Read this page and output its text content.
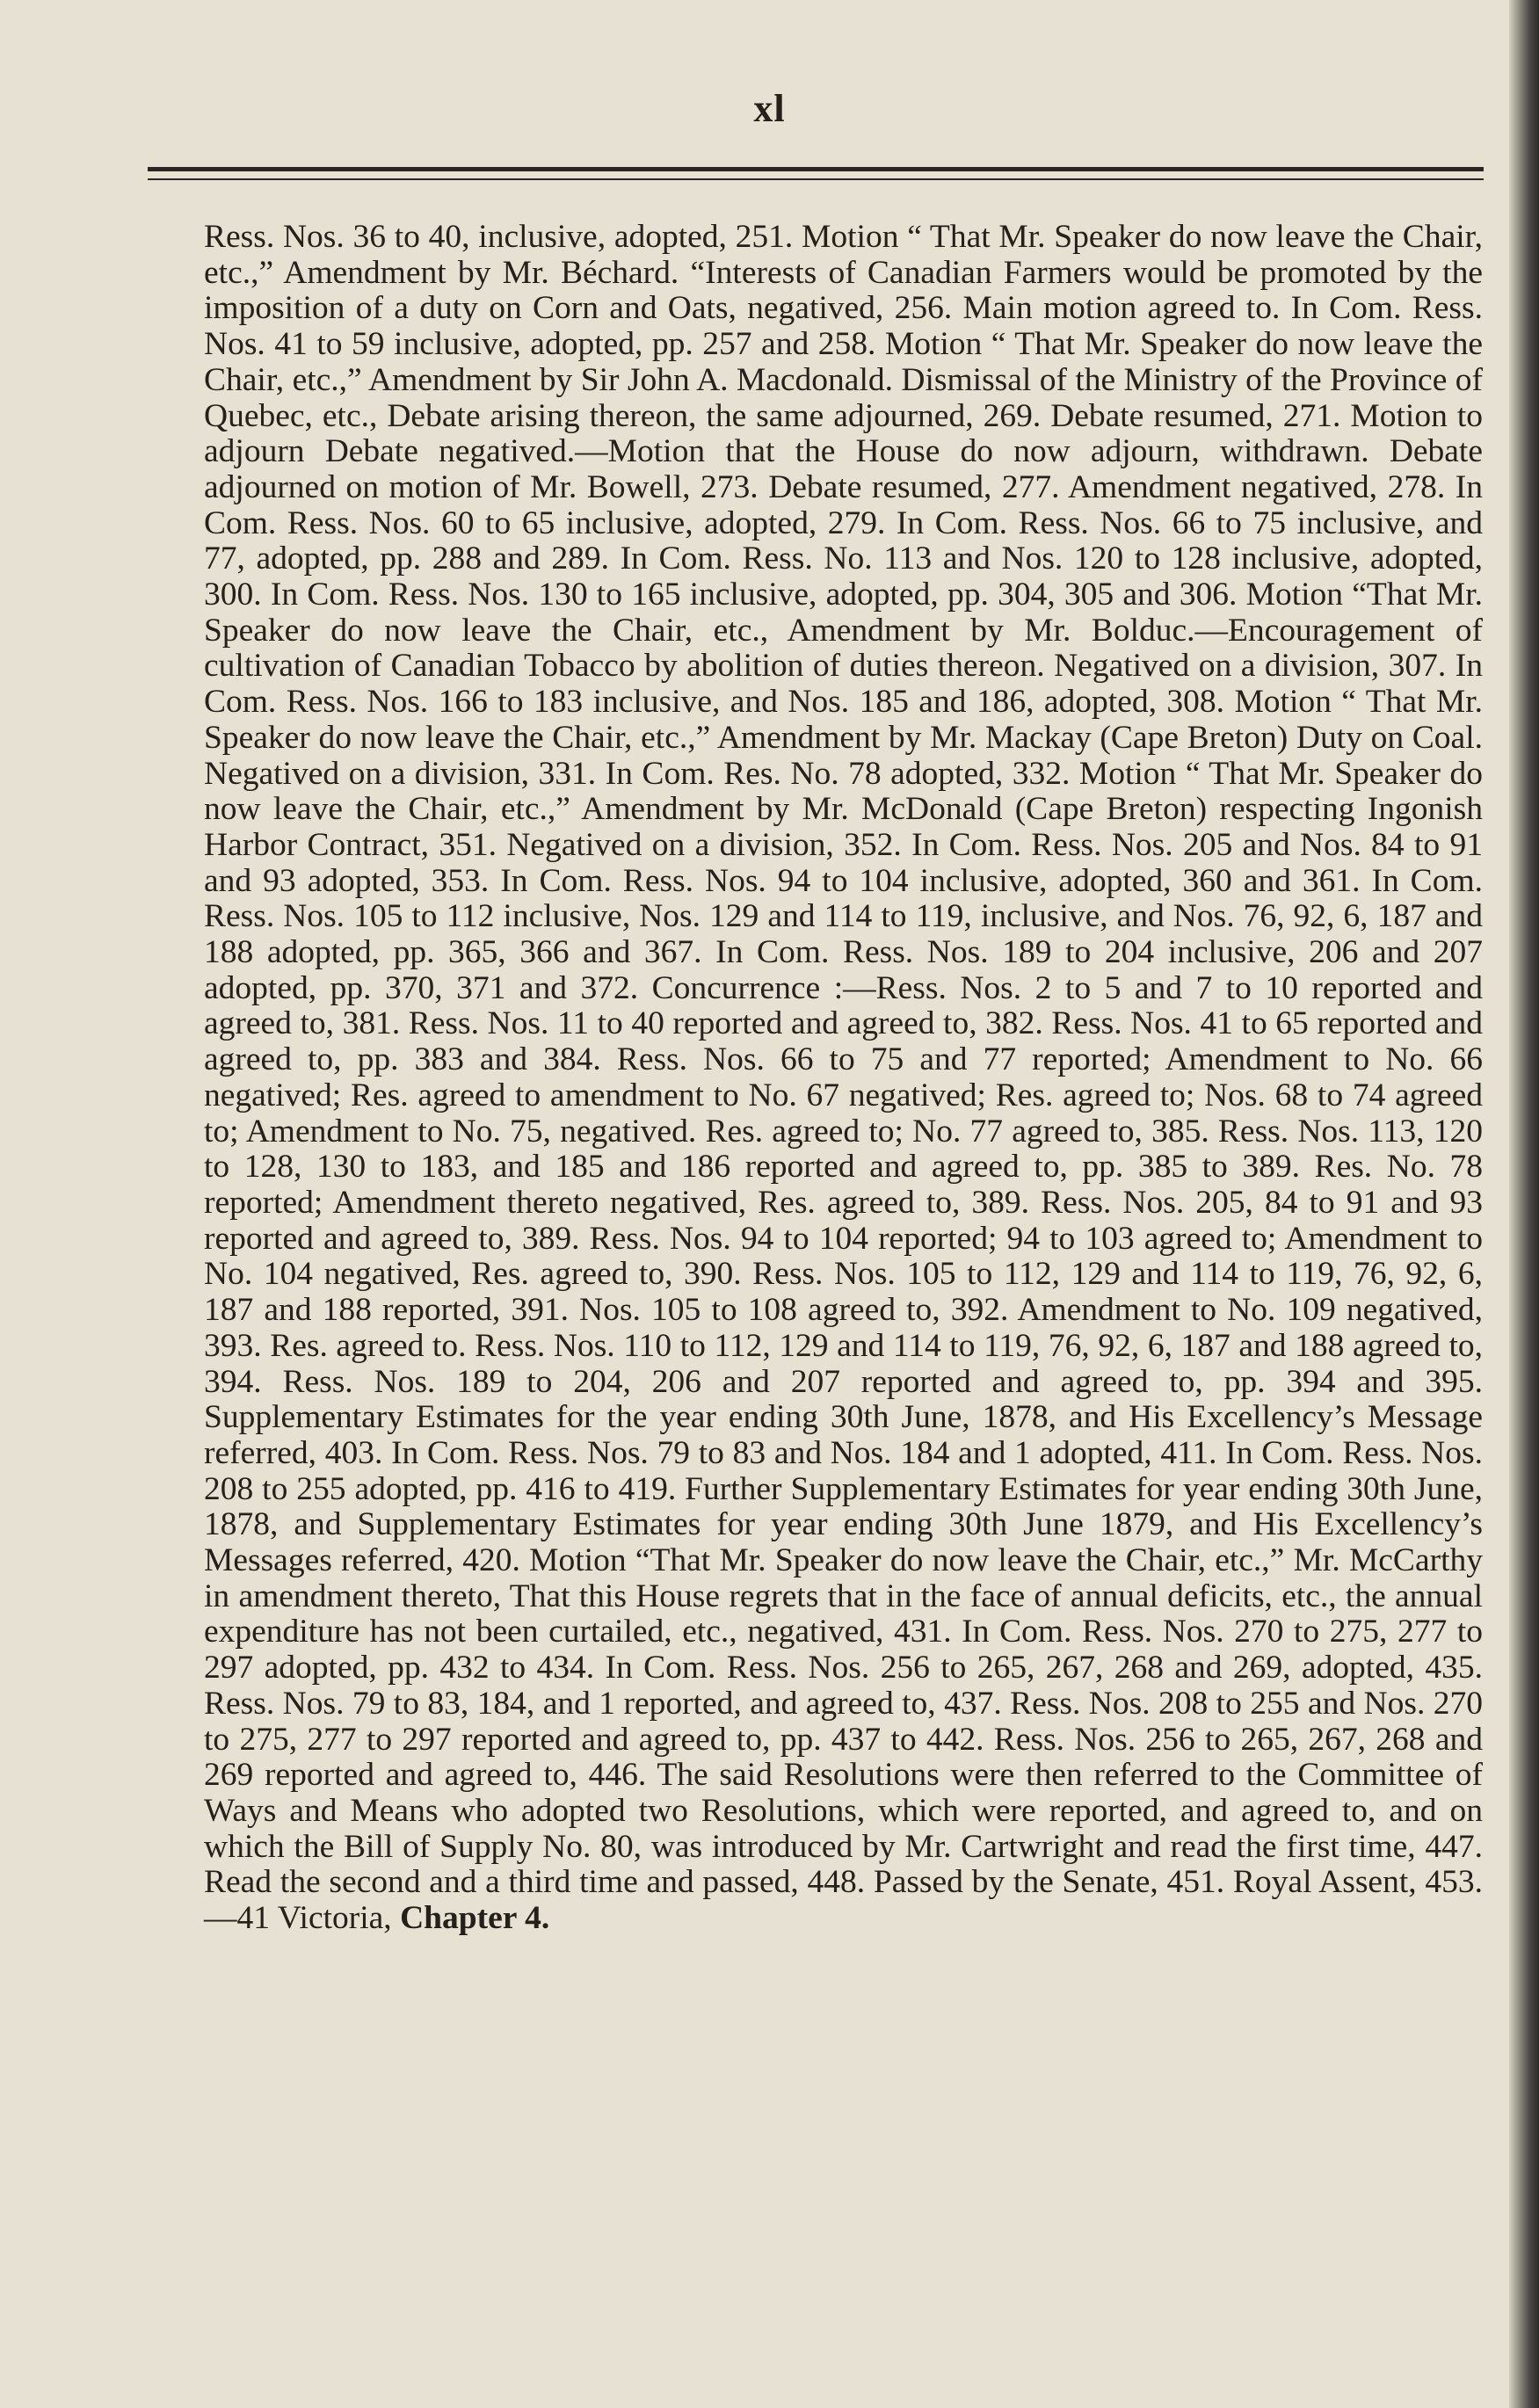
xl

Ress. Nos. 36 to 40, inclusive, adopted, 251. Motion “ That Mr. Speaker do now leave the Chair, etc.,” Amendment by Mr. Béchard. “Interests of Canadian Farmers would be promoted by the imposition of a duty on Corn and Oats, negatived, 256. Main motion agreed to. In Com. Ress. Nos. 41 to 59 inclusive, adopted, pp. 257 and 258. Motion “ That Mr. Speaker do now leave the Chair, etc.,” Amendment by Sir John A. Macdonald. Dismissal of the Ministry of the Province of Quebec, etc., Debate arising thereon, the same adjourned, 269. Debate resumed, 271. Motion to adjourn Debate negatived.—Motion that the House do now adjourn, withdrawn. Debate adjourned on motion of Mr. Bowell, 273. Debate resumed, 277. Amendment negatived, 278. In Com. Ress. Nos. 60 to 65 inclusive, adopted, 279. In Com. Ress. Nos. 66 to 75 inclusive, and 77, adopted, pp. 288 and 289. In Com. Ress. No. 113 and Nos. 120 to 128 inclusive, adopted, 300. In Com. Ress. Nos. 130 to 165 inclusive, adopted, pp. 304, 305 and 306. Motion “That Mr. Speaker do now leave the Chair, etc., Amendment by Mr. Bolduc.—Encouragement of cultivation of Canadian Tobacco by abolition of duties thereon. Negatived on a division, 307. In Com. Ress. Nos. 166 to 183 inclusive, and Nos. 185 and 186, adopted, 308. Motion “ That Mr. Speaker do now leave the Chair, etc.,” Amendment by Mr. Mackay (Cape Breton) Duty on Coal. Negatived on a division, 331. In Com. Res. No. 78 adopted, 332. Motion “ That Mr. Speaker do now leave the Chair, etc.,” Amendment by Mr. McDonald (Cape Breton) respecting Ingonish Harbor Contract, 351. Negatived on a division, 352. In Com. Ress. Nos. 205 and Nos. 84 to 91 and 93 adopted, 353. In Com. Ress. Nos. 94 to 104 inclusive, adopted, 360 and 361. In Com. Ress. Nos. 105 to 112 inclusive, Nos. 129 and 114 to 119, inclusive, and Nos. 76, 92, 6, 187 and 188 adopted, pp. 365, 366 and 367. In Com. Ress. Nos. 189 to 204 inclusive, 206 and 207 adopted, pp. 370, 371 and 372. Concurrence :—Ress. Nos. 2 to 5 and 7 to 10 reported and agreed to, 381. Ress. Nos. 11 to 40 reported and agreed to, 382. Ress. Nos. 41 to 65 reported and agreed to, pp. 383 and 384. Ress. Nos. 66 to 75 and 77 reported; Amendment to No. 66 negatived; Res. agreed to amendment to No. 67 negatived; Res. agreed to; Nos. 68 to 74 agreed to; Amendment to No. 75, negatived. Res. agreed to; No. 77 agreed to, 385. Ress. Nos. 113, 120 to 128, 130 to 183, and 185 and 186 reported and agreed to, pp. 385 to 389. Res. No. 78 reported; Amendment thereto negatived, Res. agreed to, 389. Ress. Nos. 205, 84 to 91 and 93 reported and agreed to, 389. Ress. Nos. 94 to 104 reported; 94 to 103 agreed to; Amendment to No. 104 negatived, Res. agreed to, 390. Ress. Nos. 105 to 112, 129 and 114 to 119, 76, 92, 6, 187 and 188 reported, 391. Nos. 105 to 108 agreed to, 392. Amendment to No. 109 negatived, 393. Res. agreed to. Ress. Nos. 110 to 112, 129 and 114 to 119, 76, 92, 6, 187 and 188 agreed to, 394. Ress. Nos. 189 to 204, 206 and 207 reported and agreed to, pp. 394 and 395. Supplementary Estimates for the year ending 30th June, 1878, and His Excellency’s Message referred, 403. In Com. Ress. Nos. 79 to 83 and Nos. 184 and 1 adopted, 411. In Com. Ress. Nos. 208 to 255 adopted, pp. 416 to 419. Further Supplementary Estimates for year ending 30th June, 1878, and Supplementary Estimates for year ending 30th June 1879, and His Excellency’s Messages referred, 420. Motion “That Mr. Speaker do now leave the Chair, etc.,” Mr. McCarthy in amendment thereto, That this House regrets that in the face of annual deficits, etc., the annual expenditure has not been curtailed, etc., negatived, 431. In Com. Ress. Nos. 270 to 275, 277 to 297 adopted, pp. 432 to 434. In Com. Ress. Nos. 256 to 265, 267, 268 and 269, adopted, 435. Ress. Nos. 79 to 83, 184, and 1 reported, and agreed to, 437. Ress. Nos. 208 to 255 and Nos. 270 to 275, 277 to 297 reported and agreed to, pp. 437 to 442. Ress. Nos. 256 to 265, 267, 268 and 269 reported and agreed to, 446. The said Resolutions were then referred to the Committee of Ways and Means who adopted two Resolutions, which were reported, and agreed to, and on which the Bill of Supply No. 80, was introduced by Mr. Cartwright and read the first time, 447. Read the second and a third time and passed, 448. Passed by the Senate, 451. Royal Assent, 453.—41 Victoria, Chapter 4.
